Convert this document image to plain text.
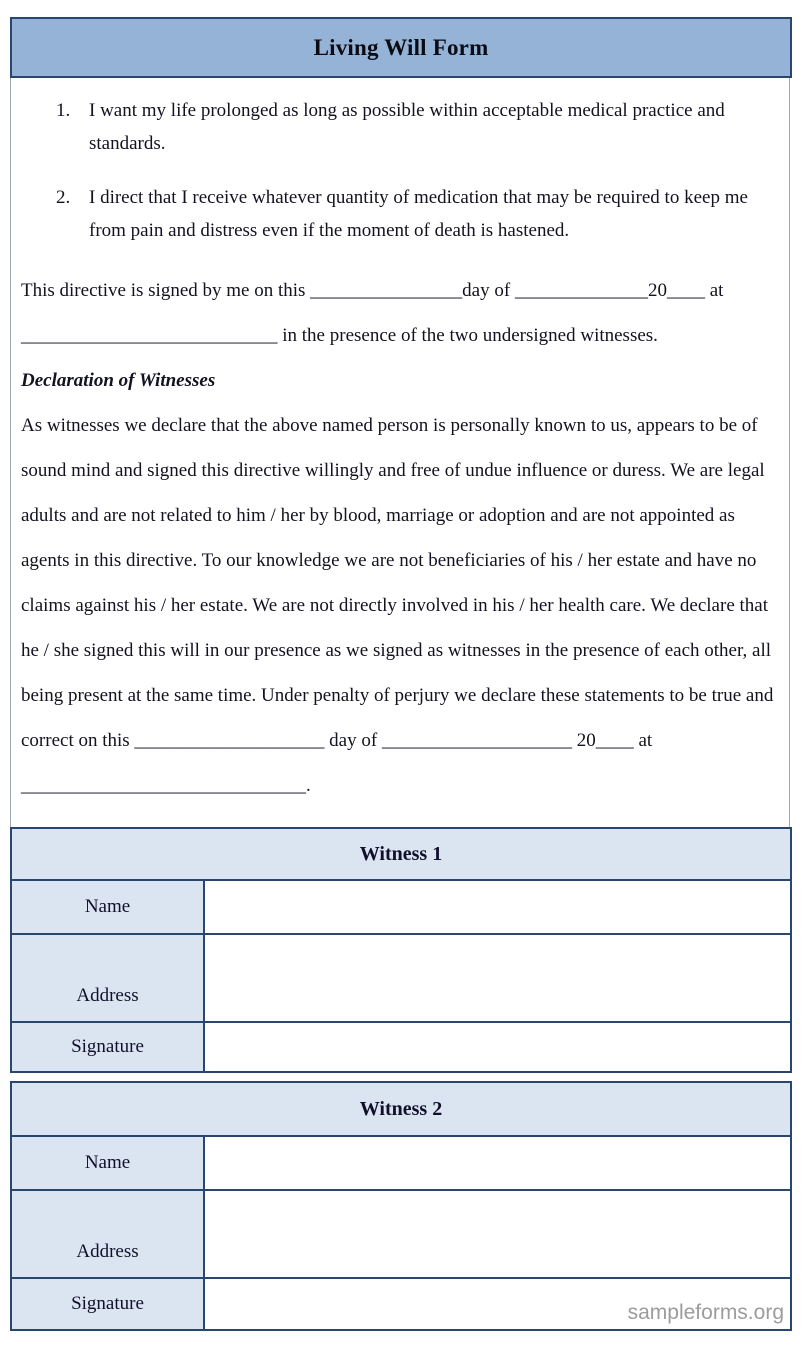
Living Will Form
1. I want my life prolonged as long as possible within acceptable medical practice and standards.
2. I direct that I receive whatever quantity of medication that may be required to keep me from pain and distress even if the moment of death is hastened.

This directive is signed by me on this ________________day of ______________20____ at ___________________________ in the presence of the two undersigned witnesses.

Declaration of Witnesses

As witnesses we declare that the above named person is personally known to us, appears to be of sound mind and signed this directive willingly and free of undue influence or duress. We are legal adults and are not related to him / her by blood, marriage or adoption and are not appointed as agents in this directive. To our knowledge we are not beneficiaries of his / her estate and have no claims against his / her estate. We are not directly involved in his / her health care. We declare that he / she signed this will in our presence as we signed as witnesses in the presence of each other, all being present at the same time. Under penalty of perjury we declare these statements to be true and correct on this ____________________ day of ____________________ 20____ at ______________________________.

Witness 1
Name
Address
Signature
Witness 2
Name
Address
Signature	sampleforms.org
